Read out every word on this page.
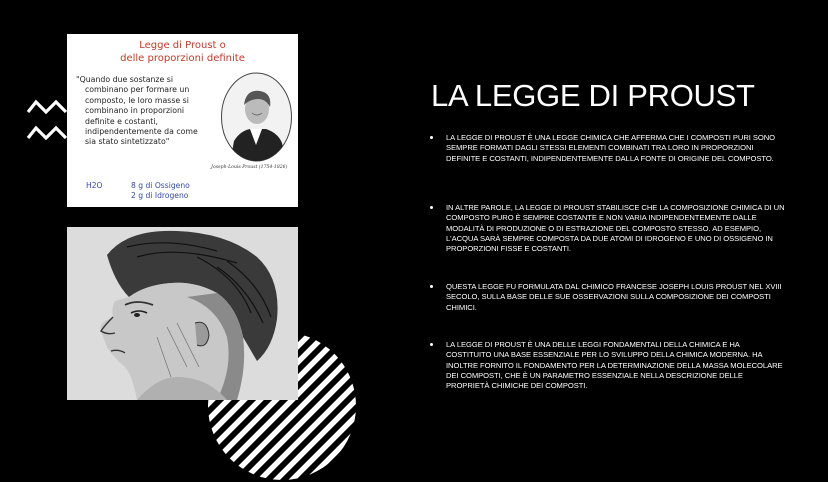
Legge di Proust o
delle proporzioni definite
"Quando due sostanze si
combinano per formare un
composto, le loro masse si
combinano in proporzioni
definite e costanti,
indipendentemente da come
sia stato sintetizzato"
Joseph-Louis Proust (1754-1826)
H2O	8 g di Ossigeno
2 g di Idrogeno
LA LEGGE DI PROUST
LA LEGGE DI PROUST È UNA LEGGE CHIMICA CHE AFFERMA CHE I COMPOSTI PURI SONO SEMPRE FORMATI DAGLI STESSI ELEMENTI COMBINATI TRA LORO IN PROPORZIONI DEFINITE E COSTANTI, INDIPENDENTEMENTE DALLA FONTE DI ORIGINE DEL COMPOSTO.
IN ALTRE PAROLE, LA LEGGE DI PROUST STABILISCE CHE LA COMPOSIZIONE CHIMICA DI UN COMPOSTO PURO È SEMPRE COSTANTE E NON VARIA INDIPENDENTEMENTE DALLE MODALITÀ DI PRODUZIONE O DI ESTRAZIONE DEL COMPOSTO STESSO. AD ESEMPIO, L'ACQUA SARÀ SEMPRE COMPOSTA DA DUE ATOMI DI IDROGENO E UNO DI OSSIGENO IN PROPORZIONI FISSE E COSTANTI.
QUESTA LEGGE FU FORMULATA DAL CHIMICO FRANCESE JOSEPH LOUIS PROUST NEL XVIII SECOLO, SULLA BASE DELLE SUE OSSERVAZIONI SULLA COMPOSIZIONE DEI COMPOSTI CHIMICI.
LA LEGGE DI PROUST È UNA DELLE LEGGI FONDAMENTALI DELLA CHIMICA E HA COSTITUITO UNA BASE ESSENZIALE PER LO SVILUPPO DELLA CHIMICA MODERNA. HA INOLTRE FORNITO IL FONDAMENTO PER LA DETERMINAZIONE DELLA MASSA MOLECOLARE DEI COMPOSTI, CHE È UN PARAMETRO ESSENZIALE NELLA DESCRIZIONE DELLE PROPRIETÀ CHIMICHE DEI COMPOSTI.
